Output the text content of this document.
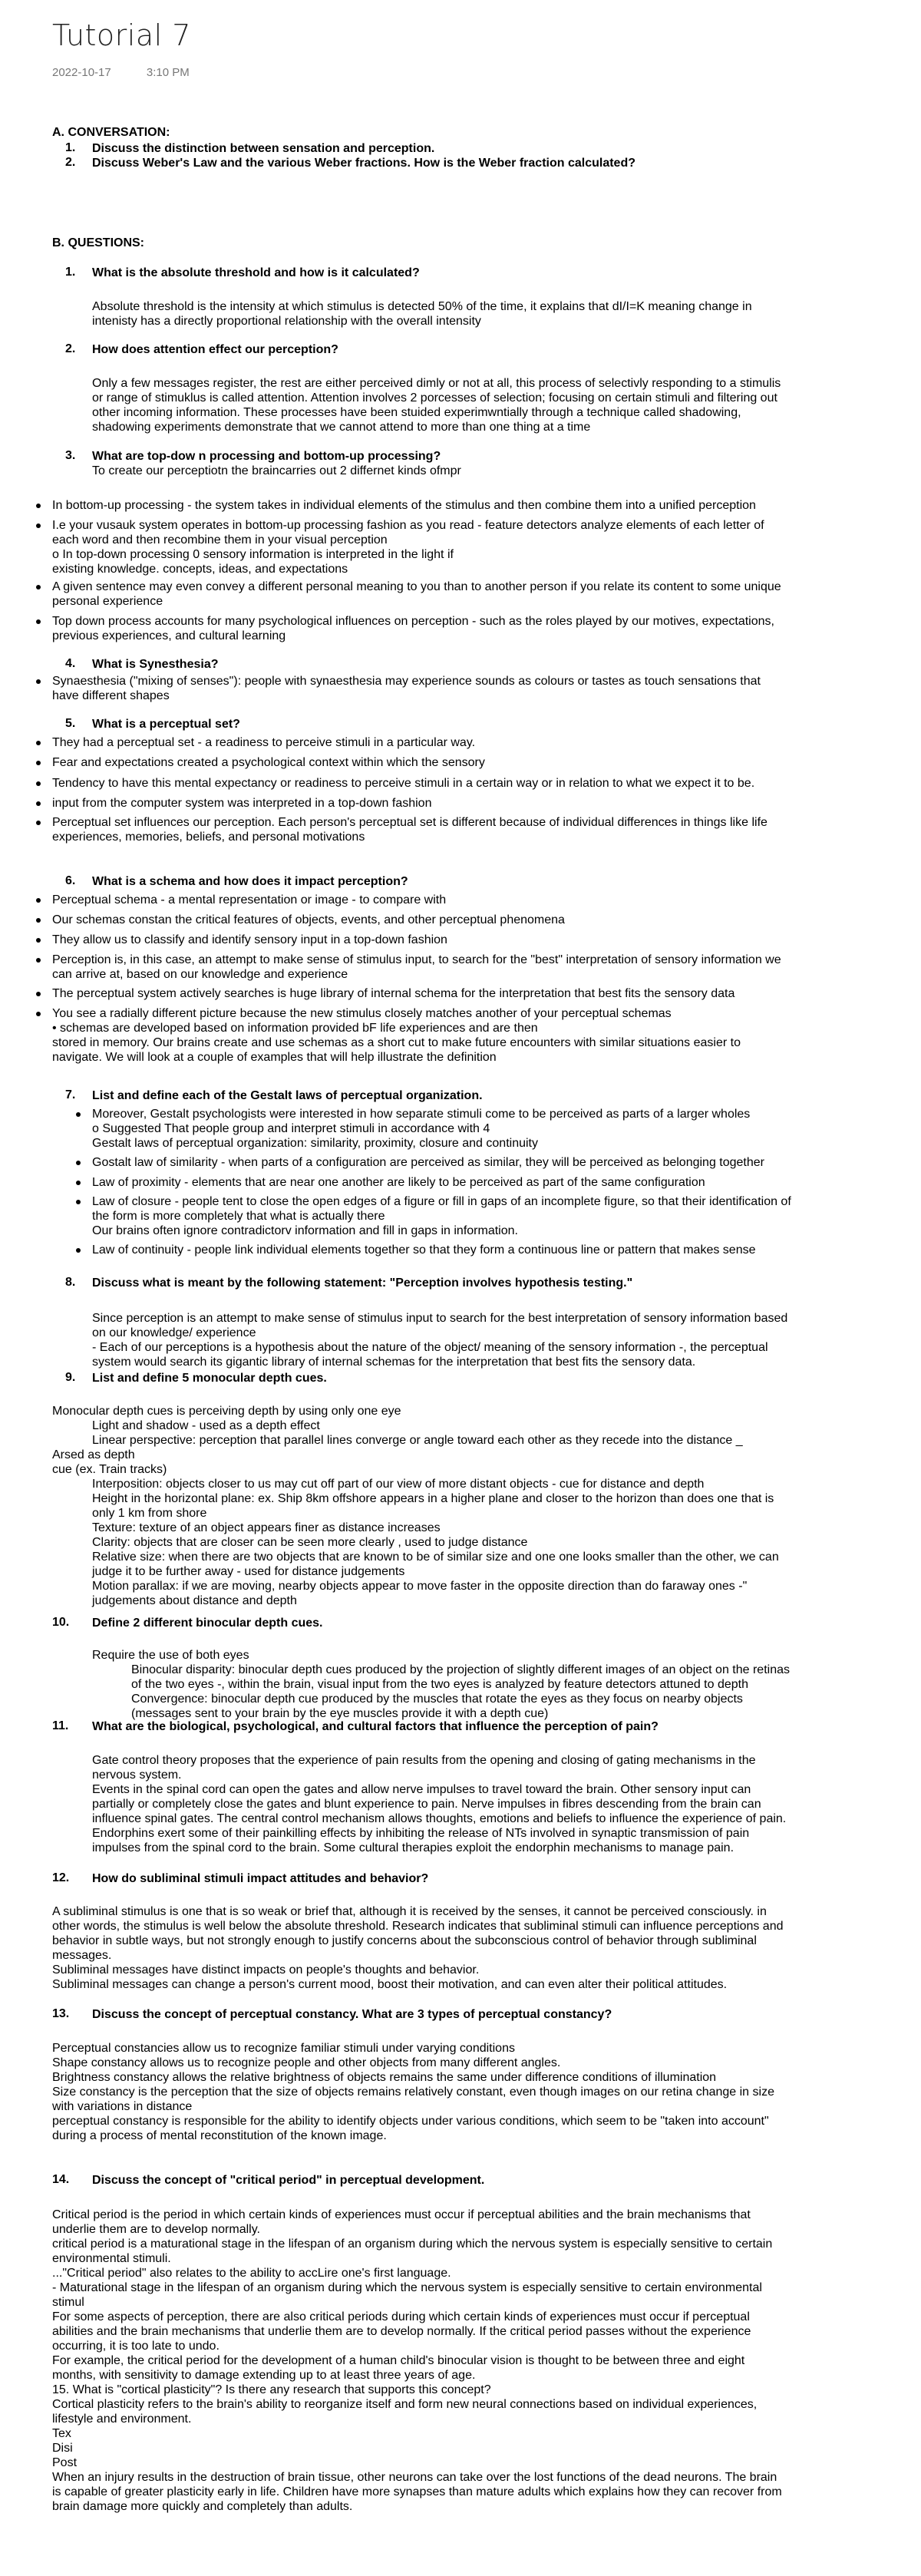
Tutorial 7
2022-10-17	3:10 PM
A. CONVERSATION:
1. Discuss the distinction between sensation and perception.
2. Discuss Weber's Law and the various Weber fractions. How is the Weber fraction calculated?
B. QUESTIONS:
1. What is the absolute threshold and how is it calculated?
Absolute threshold is the intensity at which stimulus is detected 50% of the time, it explains that dI/I=K meaning change in
intenisty has a directly proportional relationship with the overall intensity
2. How does attention effect our perception?
Only a few messages register, the rest are either perceived dimly or not at all, this process of selectivly responding to a stimulis
or range of stimuklus is called attention. Attention involves 2 porcesses of selection; focusing on certain stimuli and filtering out
other incoming information. These processes have been stuided experimwntially through a technique called shadowing,
shadowing experiments demonstrate that we cannot attend to more than one thing at a time
3. What are top-dow n processing and bottom-up processing?
To create our perceptiotn the braincarries out 2 differnet kinds ofmpr
In bottom-up processing - the system takes in individual elements of the stimulus and then combine them into a unified perception
I.e your vusauk system operates in bottom-up processing fashion as you read - feature detectors analyze elements of each letter of
each word and then recombine them in your visual perception
o In top-down processing 0 sensory information is interpreted in the light if
existing knowledge. concepts, ideas, and expectations
A given sentence may even convey a different personal meaning to you than to another person if you relate its content to some unique
personal experience
Top down process accounts for many psychological influences on perception - such as the roles played by our motives, expectations,
previous experiences, and cultural learning
4. What is Synesthesia?
Synaesthesia ("mixing of senses"): people with synaesthesia may experience sounds as colours or tastes as touch sensations that
have different shapes
5. What is a perceptual set?
They had a perceptual set - a readiness to perceive stimuli in a particular way.
Fear and expectations created a psychological context within which the sensory
Tendency to have this mental expectancy or readiness to perceive stimuli in a certain way or in relation to what we expect it to be.
input from the computer system was interpreted in a top-down fashion
Perceptual set influences our perception. Each person's perceptual set is different because of individual differences in things like life
experiences, memories, beliefs, and personal motivations
6. What is a schema and how does it impact perception?
Perceptual schema - a mental representation or image - to compare with
Our schemas constan the critical features of objects, events, and other perceptual phenomena
They allow us to classify and identify sensory input in a top-down fashion
Perception is, in this case, an attempt to make sense of stimulus input, to search for the "best" interpretation of sensory information we
can arrive at, based on our knowledge and experience
The perceptual system actively searches is huge library of internal schema for the interpretation that best fits the sensory data
You see a radially different picture because the new stimulus closely matches another of your perceptual schemas
• schemas are developed based on information provided bF life experiences and are then
stored in memory. Our brains create and use schemas as a short cut to make future encounters with similar situations easier to
navigate. We will look at a couple of examples that will help illustrate the definition
7. List and define each of the Gestalt laws of perceptual organization.
Moreover, Gestalt psychologists were interested in how separate stimuli come to be perceived as parts of a larger wholes
o Suggested That people group and interpret stimuli in accordance with 4
Gestalt laws of perceptual organization: similarity, proximity, closure and continuity
Gostalt law of similarity - when parts of a configuration are perceived as similar, they will be perceived as belonging together
Law of proximity - elements that are near one another are likely to be perceived as part of the same configuration
Law of closure - people tent to close the open edges of a figure or fill in gaps of an incomplete figure, so that their identification of
the form is more completely that what is actually there
Our brains often ignore contradictorv information and fill in gaps in information.
Law of continuity - people link individual elements together so that they form a continuous line or pattern that makes sense
8. Discuss what is meant by the following statement: "Perception involves hypothesis testing."
Since perception is an attempt to make sense of stimulus input to search for the best interpretation of sensory information based
on our knowledge/ experience
- Each of our perceptions is a hypothesis about the nature of the object/ meaning of the sensory information -, the perceptual
system would search its gigantic library of internal schemas for the interpretation that best fits the sensory data.
9. List and define 5 monocular depth cues.
Monocular depth cues is perceiving depth by using only one eye
Light and shadow - used as a depth effect
Linear perspective: perception that parallel lines converge or angle toward each other as they recede into the distance _
Arsed as depth
cue (ex. Train tracks)
Interposition: objects closer to us may cut off part of our view of more distant objects - cue for distance and depth
Height in the horizontal plane: ex. Ship 8km offshore appears in a higher plane and closer to the horizon than does one that is
only 1 km from shore
Texture: texture of an object appears finer as distance increases
Clarity: objects that are closer can be seen more clearly , used to judge distance
Relative size: when there are two objects that are known to be of similar size and one one looks smaller than the other, we can
judge it to be further away - used for distance judgements
Motion parallax: if we are moving, nearby objects appear to move faster in the opposite direction than do faraway ones -"
judgements about distance and depth
10. Define 2 different binocular depth cues.
Require the use of both eyes
Binocular disparity: binocular depth cues produced by the projection of slightly different images of an object on the retinas
of the two eyes -, within the brain, visual input from the two eyes is analyzed by feature detectors attuned to depth
Convergence: binocular depth cue produced by the muscles that rotate the eyes as they focus on nearby objects
(messages sent to your brain by the eye muscles provide it with a depth cue)
11. What are the biological, psychological, and cultural factors that influence the perception of pain?
Gate control theory proposes that the experience of pain results from the opening and closing of gating mechanisms in the
nervous system.
Events in the spinal cord can open the gates and allow nerve impulses to travel toward the brain. Other sensory input can
partially or completely close the gates and blunt experience to pain. Nerve impulses in fibres descending from the brain can
influence spinal gates. The central control mechanism allows thoughts, emotions and beliefs to influence the experience of pain.
Endorphins exert some of their painkilling effects by inhibiting the release of NTs involved in synaptic transmission of pain
impulses from the spinal cord to the brain. Some cultural therapies exploit the endorphin mechanisms to manage pain.
12. How do subliminal stimuli impact attitudes and behavior?
A subliminal stimulus is one that is so weak or brief that, although it is received by the senses, it cannot be perceived consciously. in
other words, the stimulus is well below the absolute threshold. Research indicates that subliminal stimuli can influence perceptions and
behavior in subtle ways, but not strongly enough to justify concerns about the subconscious control of behavior through subliminal
messages.
Subliminal messages have distinct impacts on people's thoughts and behavior.
Subliminal messages can change a person's current mood, boost their motivation, and can even alter their political attitudes.
13. Discuss the concept of perceptual constancy. What are 3 types of perceptual constancy?
Perceptual constancies allow us to recognize familiar stimuli under varying conditions
Shape constancy allows us to recognize people and other objects from many different angles.
Brightness constancy allows the relative brightness of objects remains the same under difference conditions of illumination
Size constancy is the perception that the size of objects remains relatively constant, even though images on our retina change in size
with variations in distance
perceptual constancy is responsible for the ability to identify objects under various conditions, which seem to be "taken into account"
during a process of mental reconstitution of the known image.
14. Discuss the concept of "critical period" in perceptual development.
Critical period is the period in which certain kinds of experiences must occur if perceptual abilities and the brain mechanisms that
underlie them are to develop normally.
critical period is a maturational stage in the lifespan of an organism during which the nervous system is especially sensitive to certain
environmental stimuli.
..."Critical period" also relates to the ability to accLire one's first language.
- Maturational stage in the lifespan of an organism during which the nervous system is especially sensitive to certain environmental
stimul
For some aspects of perception, there are also critical periods during which certain kinds of experiences must occur if perceptual
abilities and the brain mechanisms that underlie them are to develop normally. If the critical period passes without the experience
occurring, it is too late to undo.
For example, the critical period for the development of a human child's binocular vision is thought to be between three and eight
months, with sensitivity to damage extending up to at least three years of age.
15. What is "cortical plasticity"? Is there any research that supports this concept?
Cortical plasticity refers to the brain's ability to reorganize itself and form new neural connections based on individual experiences,
lifestyle and environment.
Tex
Disi
Post
When an injury results in the destruction of brain tissue, other neurons can take over the lost functions of the dead neurons. The brain
is capable of greater plasticity early in life. Children have more synapses than mature adults which explains how they can recover from
brain damage more quickly and completely than adults.
